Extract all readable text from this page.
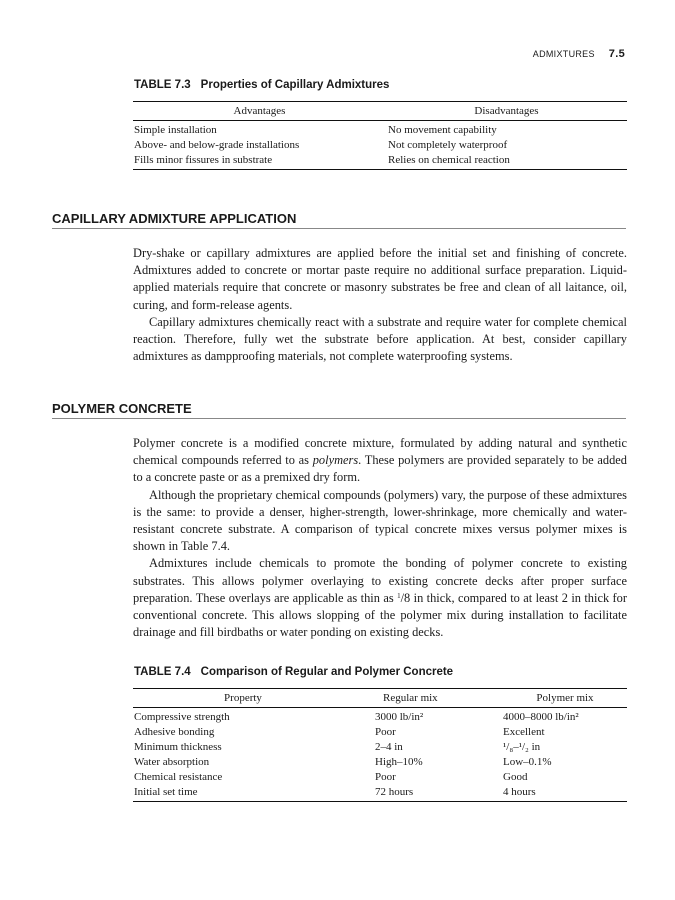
ADMIXTURES 7.5
TABLE 7.3 Properties of Capillary Admixtures
Advantages	Disadvantages
Simple installation	No movement capability
Above- and below-grade installations	Not completely waterproof
Fills minor fissures in substrate	Relies on chemical reaction
CAPILLARY ADMIXTURE APPLICATION

Dry-shake or capillary admixtures are applied before the initial set and finishing of concrete. Admixtures added to concrete or mortar paste require no additional surface preparation. Liquid-applied materials require that concrete or masonry substrates be free and clean of all laitance, oil, curing, and form-release agents.

Capillary admixtures chemically react with a substrate and require water for complete chemical reaction. Therefore, fully wet the substrate before application. At best, consider capillary admixtures as dampproofing materials, not complete waterproofing systems.

POLYMER CONCRETE

Polymer concrete is a modified concrete mixture, formulated by adding natural and synthetic chemical compounds referred to as polymers. These polymers are provided separately to be added to a concrete paste or as a premixed dry form.

Although the proprietary chemical compounds (polymers) vary, the purpose of these admixtures is the same: to provide a denser, higher-strength, lower-shrinkage, more chemically and water-resistant concrete substrate. A comparison of typical concrete mixes versus polymer mixes is shown in Table 7.4.

Admixtures include chemicals to promote the bonding of polymer concrete to existing substrates. This allows polymer overlaying to existing concrete decks after proper surface preparation. These overlays are applicable as thin as $^1$/8 in thick, compared to at least 2 in thick for conventional concrete. This allows slopping of the polymer mix during installation to facilitate drainage and fill birdbaths or water ponding on existing decks.

TABLE 7.4 Comparison of Regular and Polymer Concrete
Property	Regular mix	Polymer mix
Compressive strength	3000 lb/in²	4000–8000 lb/in²
Adhesive bonding	Poor	Excellent
Minimum thickness	2–4 in	¹/₈–¹/₂ in
Water absorption	High–10%	Low–0.1%
Chemical resistance	Poor	Good
Initial set time	72 hours	4 hours
